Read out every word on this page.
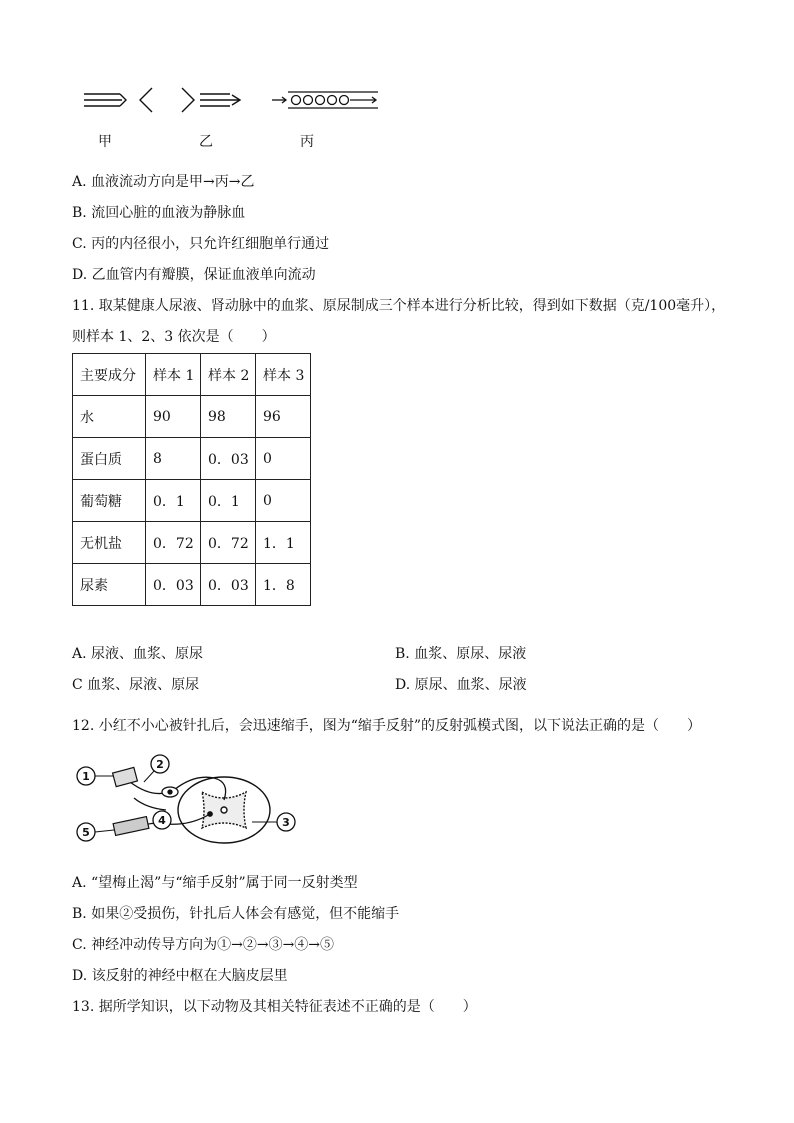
甲	乙	丙
A. 血液流动方向是甲→丙→乙
B. 流回心脏的血液为静脉血
C. 丙的内径很小，只允许红细胞单行通过
D. 乙血管内有瓣膜，保证血液单向流动
11. 取某健康人尿液、肾动脉中的血浆、原尿制成三个样本进行分析比较，得到如下数据（克/100毫升），
则样本 1、2、3 依次是（　　）
主要成分	样本 1	样本 2	样本 3
水	90	98	96
蛋白质	8	0．03	0
葡萄糖	0．1	0．1	0
无机盐	0．72	0．72	1．1
尿素	0．03	0．03	1．8
A. 尿液、血浆、原尿	B. 血浆、原尿、尿液
C 血浆、尿液、原尿	D. 原尿、血浆、尿液
12. 小红不小心被针扎后，会迅速缩手，图为“缩手反射”的反射弧模式图，以下说法正确的是（　　）
1
2
3
4
5
A. “望梅止渴”与“缩手反射”属于同一反射类型
B. 如果②受损伤，针扎后人体会有感觉，但不能缩手
C. 神经冲动传导方向为①→②→③→④→⑤
D. 该反射的神经中枢在大脑皮层里
13. 据所学知识，以下动物及其相关特征表述不正确的是（　　）
